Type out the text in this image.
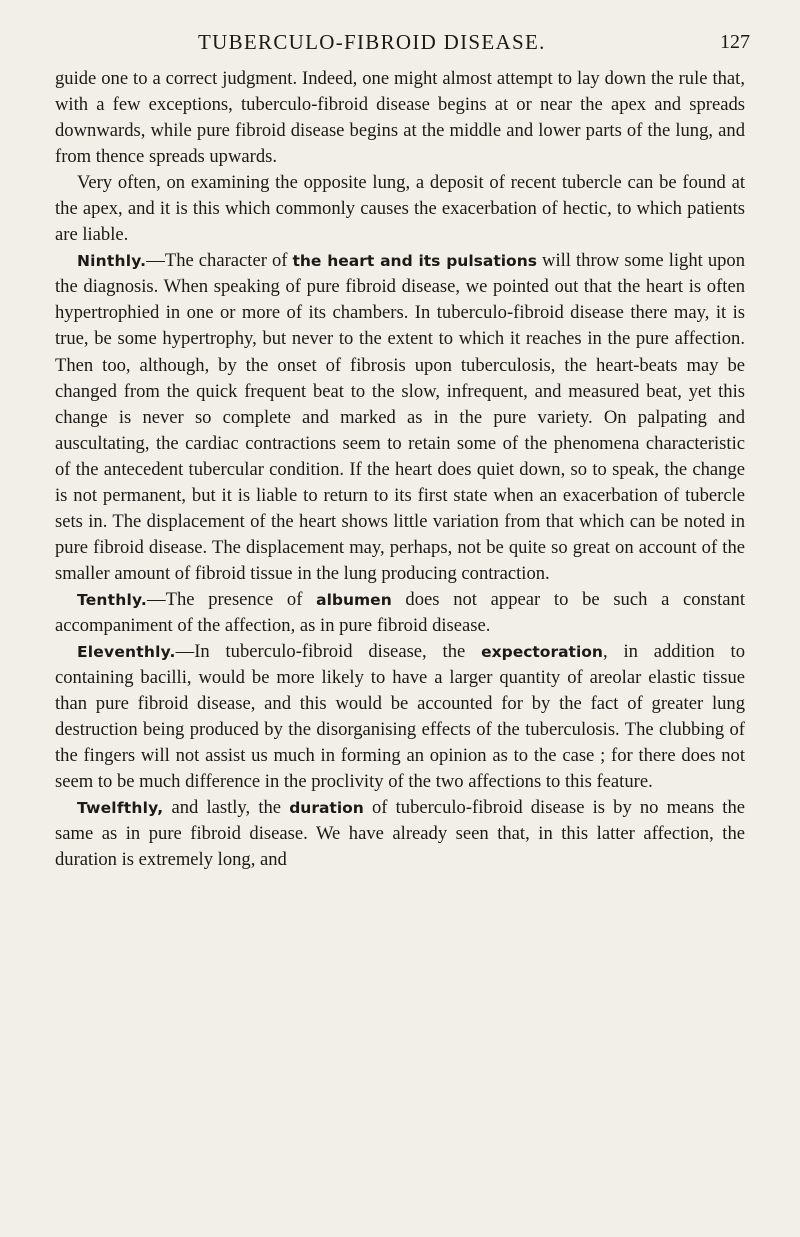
TUBERCULO-FIBROID DISEASE.	127

guide one to a correct judgment. Indeed, one might almost attempt to lay down the rule that, with a few exceptions, tuberculo-fibroid disease begins at or near the apex and spreads downwards, while pure fibroid disease begins at the middle and lower parts of the lung, and from thence spreads upwards.

Very often, on examining the opposite lung, a deposit of recent tubercle can be found at the apex, and it is this which commonly causes the exacerbation of hectic, to which patients are liable.

Ninthly.—The character of the heart and its pulsations will throw some light upon the diagnosis. When speaking of pure fibroid disease, we pointed out that the heart is often hypertrophied in one or more of its chambers. In tuberculo-fibroid disease there may, it is true, be some hypertrophy, but never to the extent to which it reaches in the pure affection. Then too, although, by the onset of fibrosis upon tuberculosis, the heart-beats may be changed from the quick frequent beat to the slow, infrequent, and measured beat, yet this change is never so complete and marked as in the pure variety. On palpating and auscultating, the cardiac contractions seem to retain some of the phenomena characteristic of the antecedent tubercular condition. If the heart does quiet down, so to speak, the change is not permanent, but it is liable to return to its first state when an exacerbation of tubercle sets in. The displacement of the heart shows little variation from that which can be noted in pure fibroid disease. The displacement may, perhaps, not be quite so great on account of the smaller amount of fibroid tissue in the lung producing contraction.

Tenthly.—The presence of albumen does not appear to be such a constant accompaniment of the affection, as in pure fibroid disease.

Eleventhly.—In tuberculo-fibroid disease, the expectoration, in addition to containing bacilli, would be more likely to have a larger quantity of areolar elastic tissue than pure fibroid disease, and this would be accounted for by the fact of greater lung destruction being produced by the disorganising effects of the tuberculosis. The clubbing of the fingers will not assist us much in forming an opinion as to the case ; for there does not seem to be much difference in the proclivity of the two affections to this feature.

Twelfthly, and lastly, the duration of tuberculo-fibroid disease is by no means the same as in pure fibroid disease. We have already seen that, in this latter affection, the duration is extremely long, and
